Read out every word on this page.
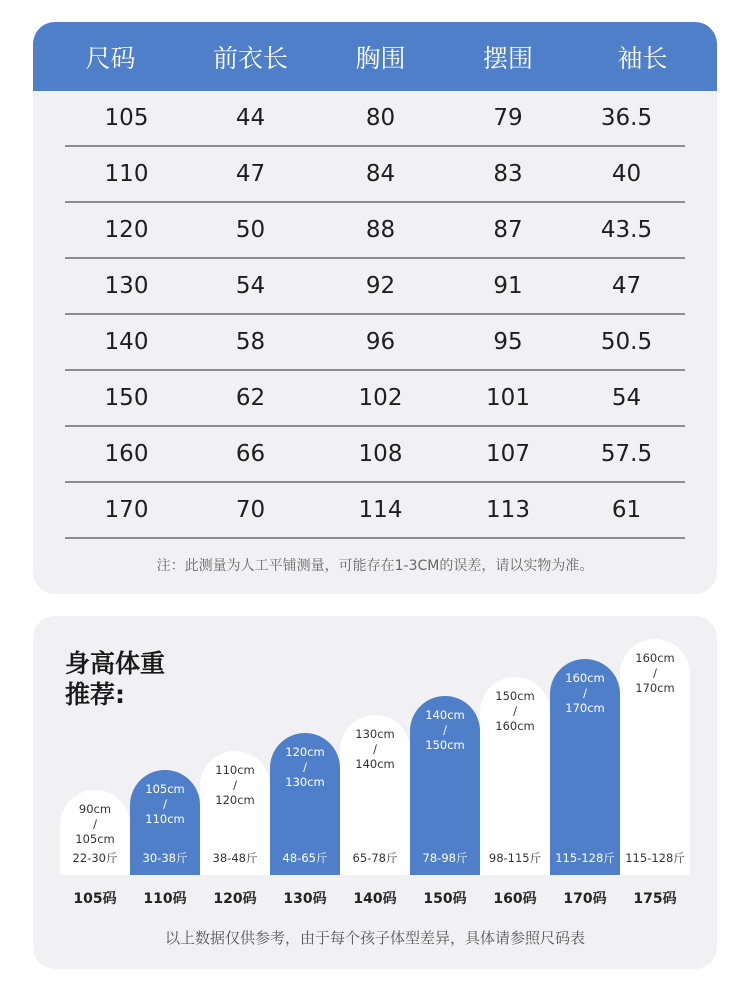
尺码	前衣长	胸围	摆围	袖长
105	44	80	79	36.5
110	47	84	83	40
120	50	88	87	43.5
130	54	92	91	47
140	58	96	95	50.5
150	62	102	101	54
160	66	108	107	57.5
170	70	114	113	61
注：此测量为人工平铺测量，可能存在1-3CM的误差，请以实物为准。
身高体重
推荐:
90cm
/
105cm
22-30斤
105码
105cm
/
110cm
30-38斤
110码
110cm
/
120cm
38-48斤
120码
120cm
/
130cm
48-65斤
130码
130cm
/
140cm
65-78斤
140码
140cm
/
150cm
78-98斤
150码
150cm
/
160cm
98-115斤
160码
160cm
/
170cm
115-128斤
170码
160cm
/
170cm
115-128斤
175码
以上数据仅供参考，由于每个孩子体型差异，具体请参照尺码表
